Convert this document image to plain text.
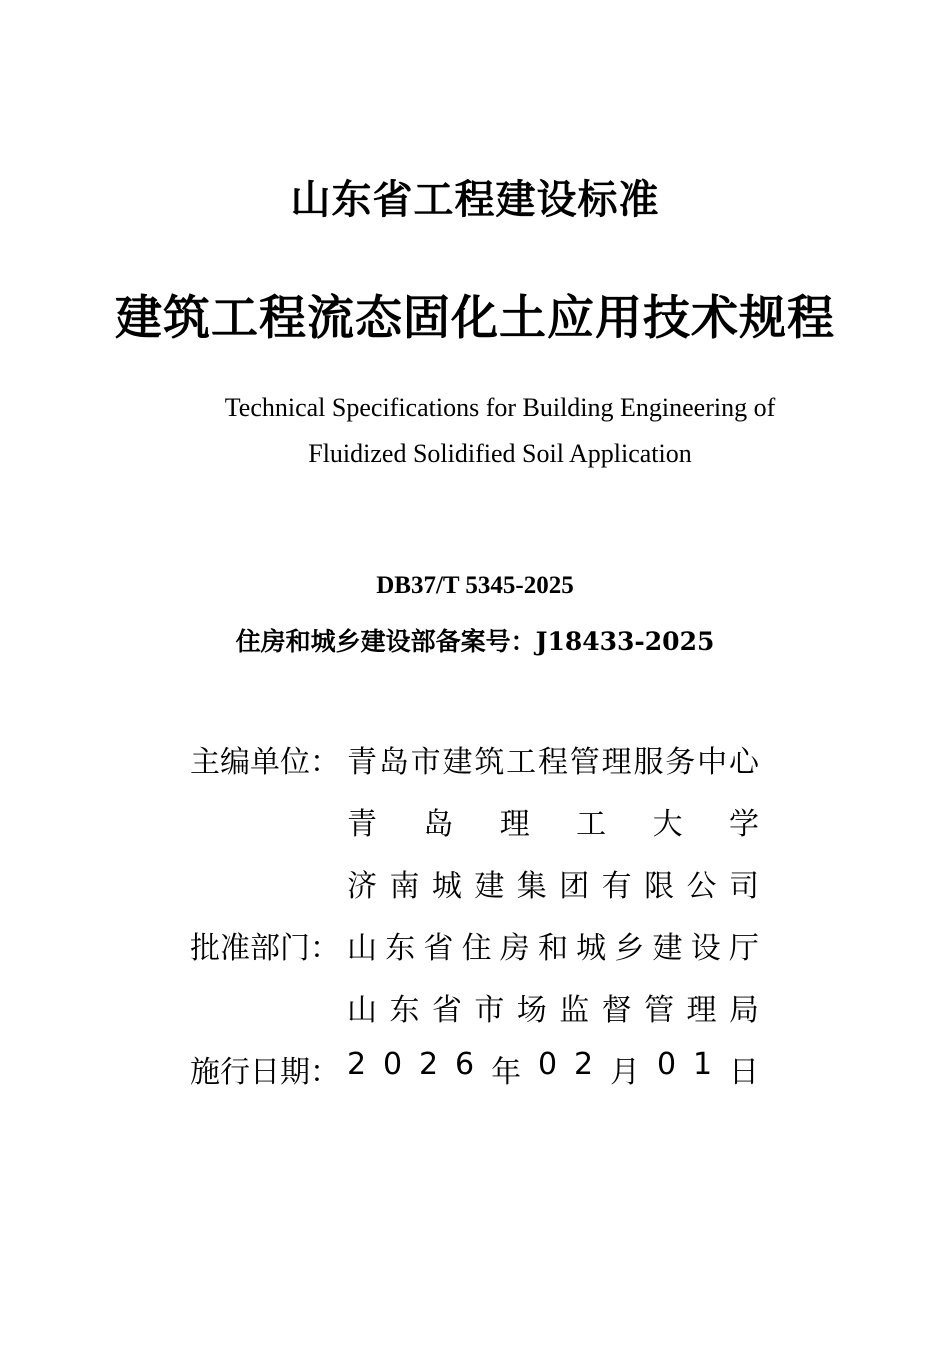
山东省工程建设标准
建筑工程流态固化土应用技术规程
Technical Specifications for Building Engineering of
Fluidized Solidified Soil Application
DB37/T 5345-2025
住房和城乡建设部备案号：J18433-2025
主编单位： 青 岛 市 建 筑 工 程 管 理 服 务 中 心
青 岛 理 工 大 学
济 南 城 建 集 团 有 限 公 司
批准部门： 山 东 省 住 房 和 城 乡 建 设 厅
山 东 省 市 场 监 督 管 理 局
施行日期： 2 0 2 6 年 0 2 月 0 1 日
